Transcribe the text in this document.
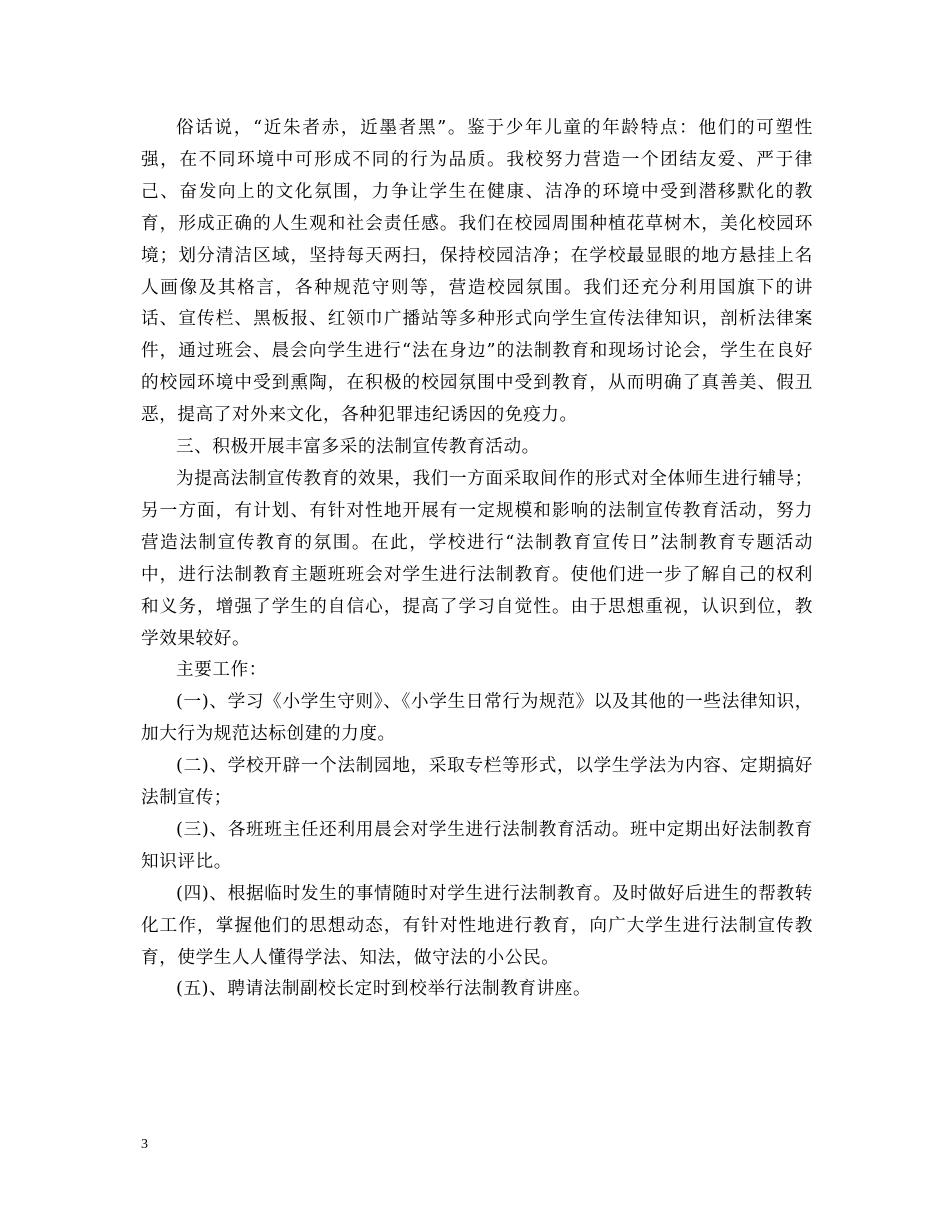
俗话说，“近朱者赤，近墨者黑”。鉴于少年儿童的年龄特点：他们的可塑性强，在不同环境中可形成不同的行为品质。我校努力营造一个团结友爱、严于律己、奋发向上的文化氛围，力争让学生在健康、洁净的环境中受到潜移默化的教育，形成正确的人生观和社会责任感。我们在校园周围种植花草树木，美化校园环境；划分清洁区域，坚持每天两扫，保持校园洁净；在学校最显眼的地方悬挂上名人画像及其格言，各种规范守则等，营造校园氛围。我们还充分利用国旗下的讲话、宣传栏、黑板报、红领巾广播站等多种形式向学生宣传法律知识，剖析法律案件，通过班会、晨会向学生进行“法在身边”的法制教育和现场讨论会，学生在良好的校园环境中受到熏陶，在积极的校园氛围中受到教育，从而明确了真善美、假丑恶，提高了对外来文化，各种犯罪违纪诱因的免疫力。

三、积极开展丰富多采的法制宣传教育活动。

为提高法制宣传教育的效果，我们一方面采取间作的形式对全体师生进行辅导；另一方面，有计划、有针对性地开展有一定规模和影响的法制宣传教育活动，努力营造法制宣传教育的氛围。在此，学校进行“法制教育宣传日”法制教育专题活动中，进行法制教育主题班班会对学生进行法制教育。使他们进一步了解自己的权利和义务，增强了学生的自信心，提高了学习自觉性。由于思想重视，认识到位，教学效果较好。

主要工作：

(一)、学习《小学生守则》、《小学生日常行为规范》以及其他的一些法律知识，加大行为规范达标创建的力度。

(二)、学校开辟一个法制园地，采取专栏等形式，以学生学法为内容、定期搞好法制宣传；

(三)、各班班主任还利用晨会对学生进行法制教育活动。班中定期出好法制教育知识评比。

(四)、根据临时发生的事情随时对学生进行法制教育。及时做好后进生的帮教转化工作，掌握他们的思想动态，有针对性地进行教育，向广大学生进行法制宣传教育，使学生人人懂得学法、知法，做守法的小公民。

(五)、聘请法制副校长定时到校举行法制教育讲座。

3
